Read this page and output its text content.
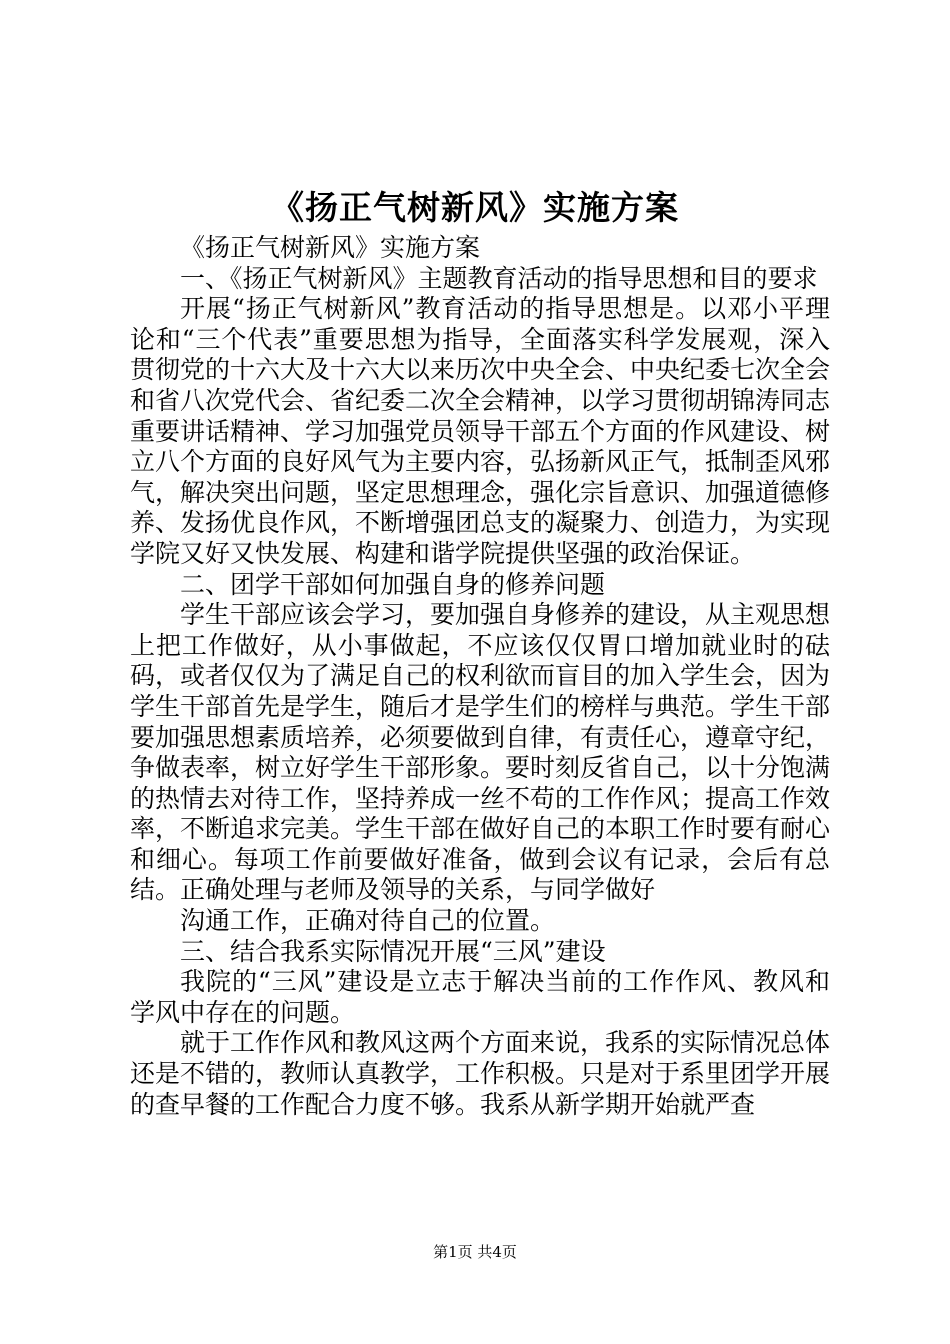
《扬正气树新风》实施方案

《扬正气树新风》实施方案

一、《扬正气树新风》主题教育活动的指导思想和目的要求

开展“扬正气树新风”教育活动的指导思想是。以邓小平理论和“三个代表”重要思想为指导，全面落实科学发展观，深入贯彻党的十六大及十六大以来历次中央全会、中央纪委七次全会和省八次党代会、省纪委二次全会精神，以学习贯彻胡锦涛同志重要讲话精神、学习加强党员领导干部五个方面的作风建设、树立八个方面的良好风气为主要内容，弘扬新风正气，抵制歪风邪气，解决突出问题，坚定思想理念，强化宗旨意识、加强道德修养、发扬优良作风，不断增强团总支的凝聚力、创造力，为实现学院又好又快发展、构建和谐学院提供坚强的政治保证。

二、团学干部如何加强自身的修养问题

学生干部应该会学习，要加强自身修养的建设，从主观思想上把工作做好，从小事做起，不应该仅仅胃口增加就业时的砝码，或者仅仅为了满足自己的权利欲而盲目的加入学生会，因为学生干部首先是学生，随后才是学生们的榜样与典范。学生干部要加强思想素质培养，必须要做到自律，有责任心，遵章守纪，争做表率，树立好学生干部形象。要时刻反省自己，以十分饱满的热情去对待工作，坚持养成一丝不苟的工作作风；提高工作效率，不断追求完美。学生干部在做好自己的本职工作时要有耐心和细心。每项工作前要做好准备，做到会议有记录，会后有总结。正确处理与老师及领导的关系，与同学做好

沟通工作，正确对待自己的位置。

三、结合我系实际情况开展“三风”建设

我院的“三风”建设是立志于解决当前的工作作风、教风和学风中存在的问题。

就于工作作风和教风这两个方面来说，我系的实际情况总体还是不错的，教师认真教学，工作积极。只是对于系里团学开展的查早餐的工作配合力度不够。我系从新学期开始就严查

第1页 共4页
